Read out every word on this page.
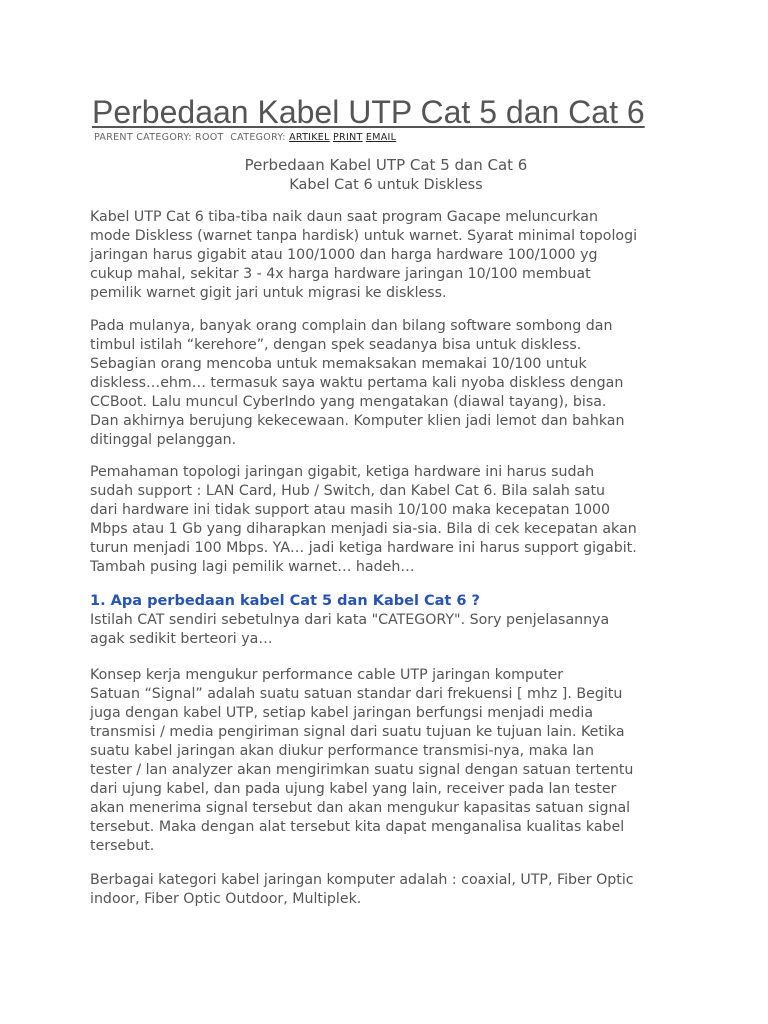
Perbedaan Kabel UTP Cat 5 dan Cat 6
PARENT CATEGORY: ROOT CATEGORY: ARTIKEL PRINT EMAIL
Perbedaan Kabel UTP Cat 5 dan Cat 6
Kabel Cat 6 untuk Diskless
Kabel UTP Cat 6 tiba-tiba naik daun saat program Gacape meluncurkan
mode Diskless (warnet tanpa hardisk) untuk warnet. Syarat minimal topologi
jaringan harus gigabit atau 100/1000 dan harga hardware 100/1000 yg
cukup mahal, sekitar 3 - 4x harga hardware jaringan 10/100 membuat
pemilik warnet gigit jari untuk migrasi ke diskless.
Pada mulanya, banyak orang complain dan bilang software sombong dan
timbul istilah “kerehore”, dengan spek seadanya bisa untuk diskless.
Sebagian orang mencoba untuk memaksakan memakai 10/100 untuk
diskless…ehm… termasuk saya waktu pertama kali nyoba diskless dengan
CCBoot. Lalu muncul CyberIndo yang mengatakan (diawal tayang), bisa.
Dan akhirnya berujung kekecewaan. Komputer klien jadi lemot dan bahkan
ditinggal pelanggan.
Pemahaman topologi jaringan gigabit, ketiga hardware ini harus sudah
sudah support : LAN Card, Hub / Switch, dan Kabel Cat 6. Bila salah satu
dari hardware ini tidak support atau masih 10/100 maka kecepatan 1000
Mbps atau 1 Gb yang diharapkan menjadi sia-sia. Bila di cek kecepatan akan
turun menjadi 100 Mbps. YA… jadi ketiga hardware ini harus support gigabit.
Tambah pusing lagi pemilik warnet… hadeh…
1. Apa perbedaan kabel Cat 5 dan Kabel Cat 6 ?
Istilah CAT sendiri sebetulnya dari kata "CATEGORY". Sory penjelasannya
agak sedikit berteori ya…
Konsep kerja mengukur performance cable UTP jaringan komputer
Satuan “Signal” adalah suatu satuan standar dari frekuensi [ mhz ]. Begitu
juga dengan kabel UTP, setiap kabel jaringan berfungsi menjadi media
transmisi / media pengiriman signal dari suatu tujuan ke tujuan lain. Ketika
suatu kabel jaringan akan diukur performance transmisi-nya, maka lan
tester / lan analyzer akan mengirimkan suatu signal dengan satuan tertentu
dari ujung kabel, dan pada ujung kabel yang lain, receiver pada lan tester
akan menerima signal tersebut dan akan mengukur kapasitas satuan signal
tersebut. Maka dengan alat tersebut kita dapat menganalisa kualitas kabel
tersebut.
Berbagai kategori kabel jaringan komputer adalah : coaxial, UTP, Fiber Optic
indoor, Fiber Optic Outdoor, Multiplek.
